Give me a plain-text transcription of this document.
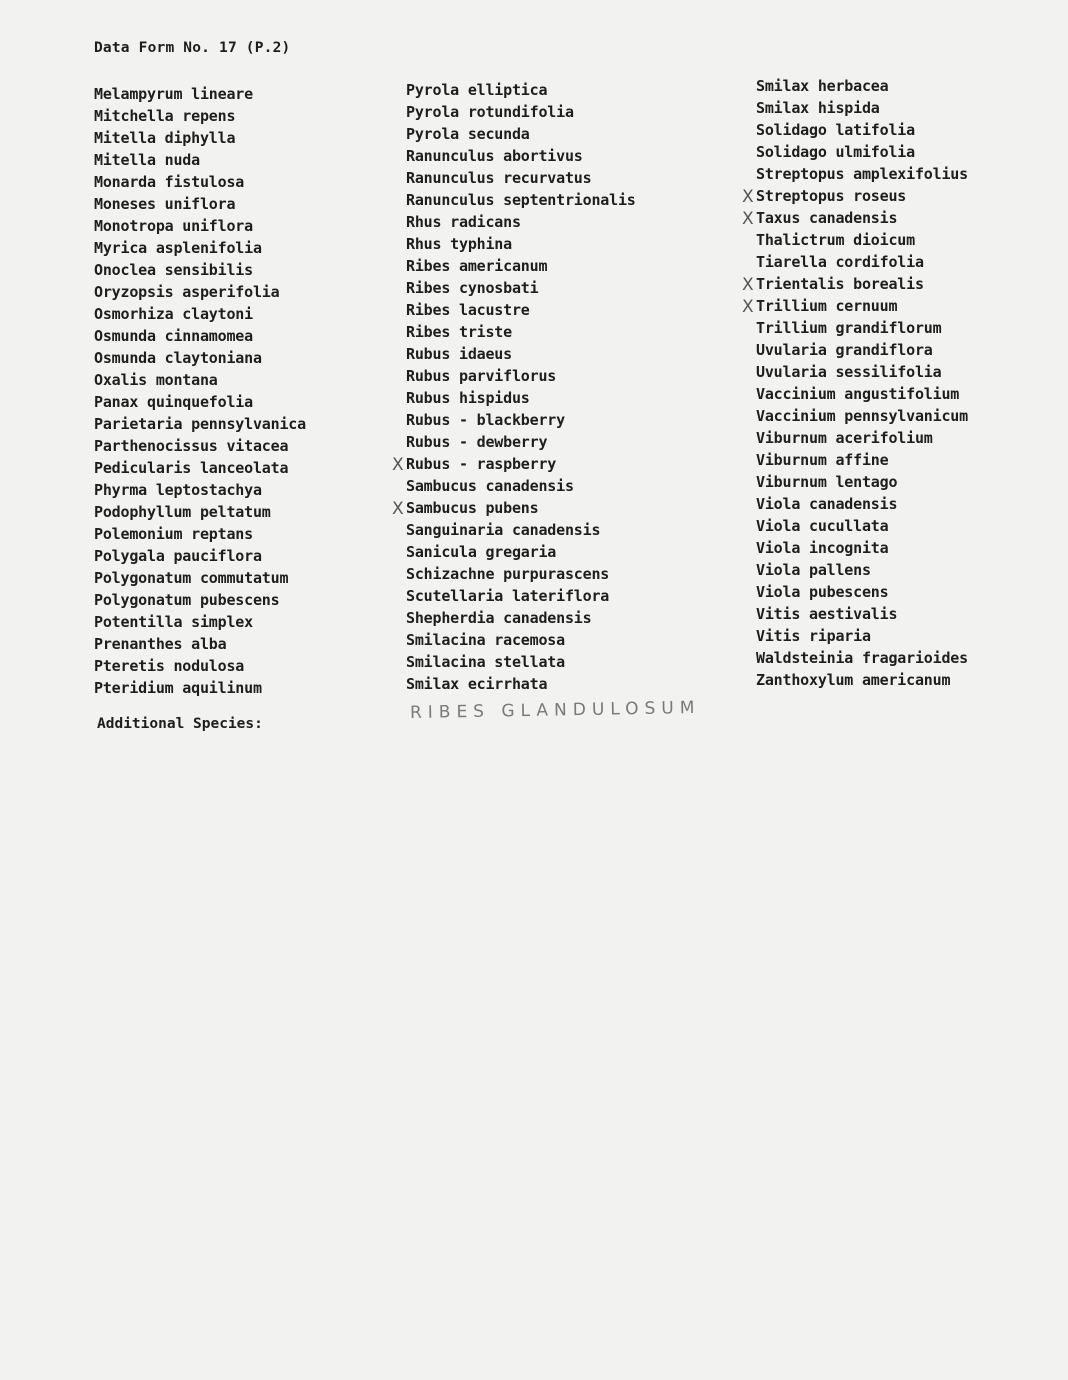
Data Form No. 17 (P.2)
Melampyrum lineare
Mitchella repens
Mitella diphylla
Mitella nuda
Monarda fistulosa
Moneses uniflora
Monotropa uniflora
Myrica asplenifolia
Onoclea sensibilis
Oryzopsis asperifolia
Osmorhiza claytoni
Osmunda cinnamomea
Osmunda claytoniana
Oxalis montana
Panax quinquefolia
Parietaria pennsylvanica
Parthenocissus vitacea
Pedicularis lanceolata
Phyrma leptostachya
Podophyllum peltatum
Polemonium reptans
Polygala pauciflora
Polygonatum commutatum
Polygonatum pubescens
Potentilla simplex
Prenanthes alba
Pteretis nodulosa
Pteridium aquilinum
Pyrola elliptica
Pyrola rotundifolia
Pyrola secunda
Ranunculus abortivus
Ranunculus recurvatus
Ranunculus septentrionalis
Rhus radicans
Rhus typhina
Ribes americanum
Ribes cynosbati
Ribes lacustre
Ribes triste
Rubus idaeus
Rubus parviflorus
Rubus hispidus
Rubus - blackberry
Rubus - dewberry
X Rubus - raspberry
Sambucus canadensis
X Sambucus pubens
Sanguinaria canadensis
Sanicula gregaria
Schizachne purpurascens
Scutellaria lateriflora
Shepherdia canadensis
Smilacina racemosa
Smilacina stellata
Smilax ecirrhata
Smilax herbacea
Smilax hispida
Solidago latifolia
Solidago ulmifolia
Streptopus amplexifolius
X Streptopus roseus
X Taxus canadensis
Thalictrum dioicum
Tiarella cordifolia
X Trientalis borealis
X Trillium cernuum
Trillium grandiflorum
Uvularia grandiflora
Uvularia sessilifolia
Vaccinium angustifolium
Vaccinium pennsylvanicum
Viburnum acerifolium
Viburnum affine
Viburnum lentago
Viola canadensis
Viola cucullata
Viola incognita
Viola pallens
Viola pubescens
Vitis aestivalis
Vitis riparia
Waldsteinia fragarioides
Zanthoxylum americanum
Additional Species:
RIBES GLANDULOSUM
